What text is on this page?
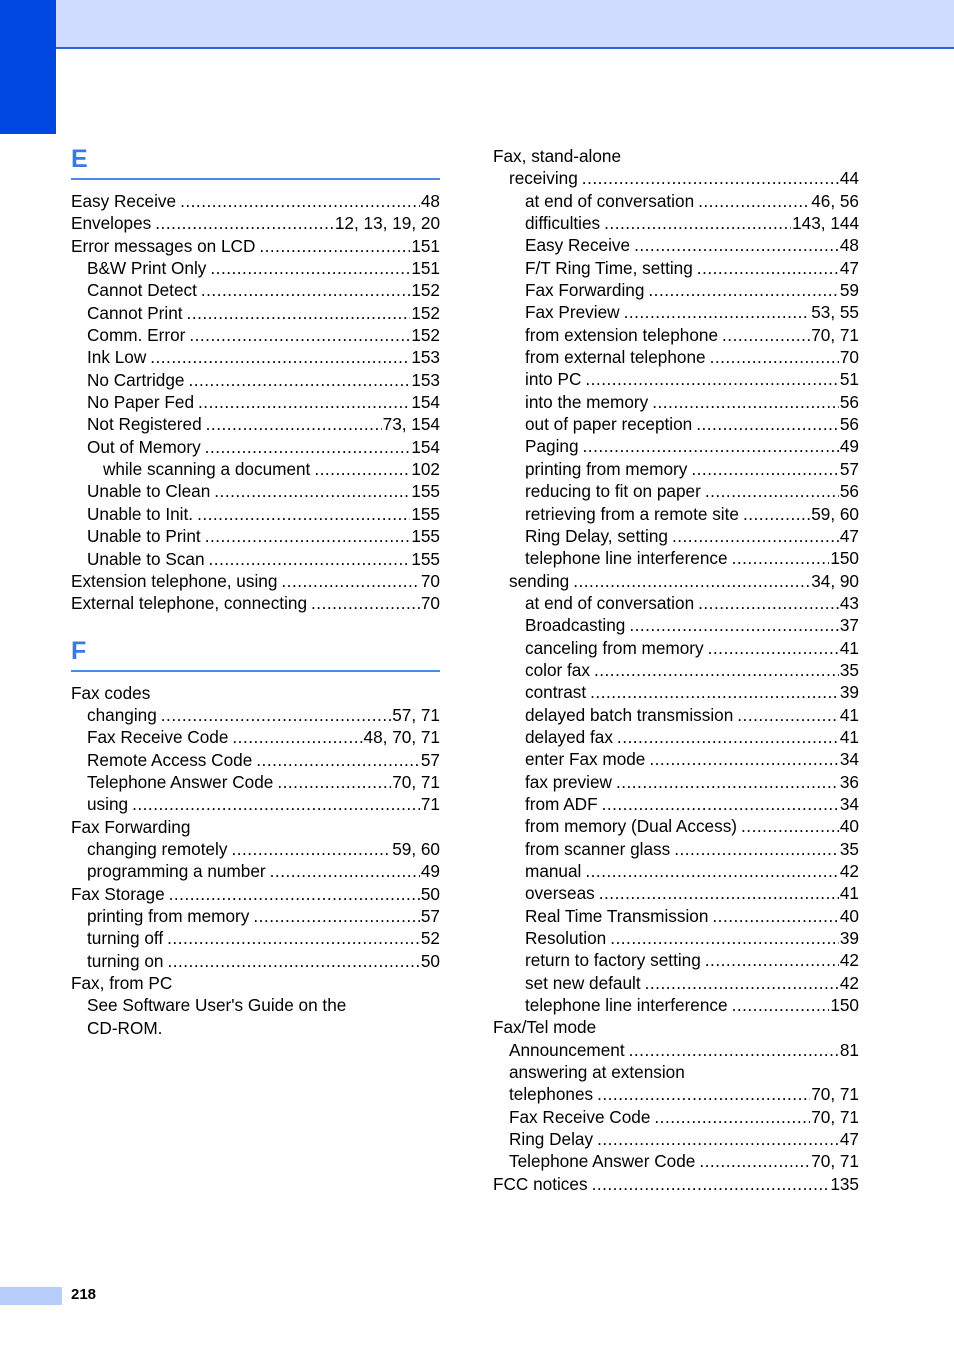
E
Easy Receive .....	48
Envelopes .....	12, 13, 19, 20
Error messages on LCD .....	151
B&W Print Only .....	151
Cannot Detect .....	152
Cannot Print .....	152
Comm. Error .....	152
Ink Low .....	153
No Cartridge .....	153
No Paper Fed .....	154
Not Registered .....	73, 154
Out of Memory .....	154
while scanning a document .....	102
Unable to Clean .....	155
Unable to Init. .....	155
Unable to Print .....	155
Unable to Scan .....	155
Extension telephone, using .....	70
External telephone, connecting .....	70
F
Fax codes
changing .....	57, 71
Fax Receive Code .....	48, 70, 71
Remote Access Code .....	57
Telephone Answer Code .....	70, 71
using .....	71
Fax Forwarding
changing remotely .....	59, 60
programming a number .....	49
Fax Storage .....	50
printing from memory .....	57
turning off .....	52
turning on .....	50
Fax, from PC
See Software User's Guide on the
CD-ROM.
Fax, stand-alone
receiving .....	44
at end of conversation .....	46, 56
difficulties .....	143, 144
Easy Receive .....	48
F/T Ring Time, setting .....	47
Fax Forwarding .....	59
Fax Preview .....	53, 55
from extension telephone .....	70, 71
from external telephone .....	70
into PC .....	51
into the memory .....	56
out of paper reception .....	56
Paging .....	49
printing from memory .....	57
reducing to fit on paper .....	56
retrieving from a remote site .....	59, 60
Ring Delay, setting .....	47
telephone line interference .....	150
sending .....	34, 90
at end of conversation .....	43
Broadcasting .....	37
canceling from memory .....	41
color fax .....	35
contrast .....	39
delayed batch transmission .....	41
delayed fax .....	41
enter Fax mode .....	34
fax preview .....	36
from ADF .....	34
from memory (Dual Access) .....	40
from scanner glass .....	35
manual .....	42
overseas .....	41
Real Time Transmission .....	40
Resolution .....	39
return to factory setting .....	42
set new default .....	42
telephone line interference .....	150
Fax/Tel mode
Announcement .....	81
answering at extension
telephones .....	70, 71
Fax Receive Code .....	70, 71
Ring Delay .....	47
Telephone Answer Code .....	70, 71
FCC notices .....	135
218
